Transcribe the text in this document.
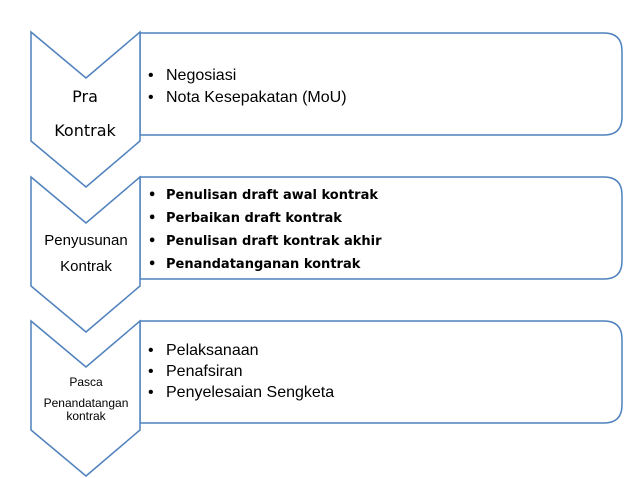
Pra
Kontrak
• Negosiasi
• Nota Kesepakatan (MoU)
Penyusunan
Kontrak
• Penulisan draft awal kontrak
• Perbaikan draft kontrak
• Penulisan draft kontrak akhir
• Penandatanganan kontrak
Pasca
Penandatangan
kontrak
• Pelaksanaan
• Penafsiran
• Penyelesaian Sengketa
